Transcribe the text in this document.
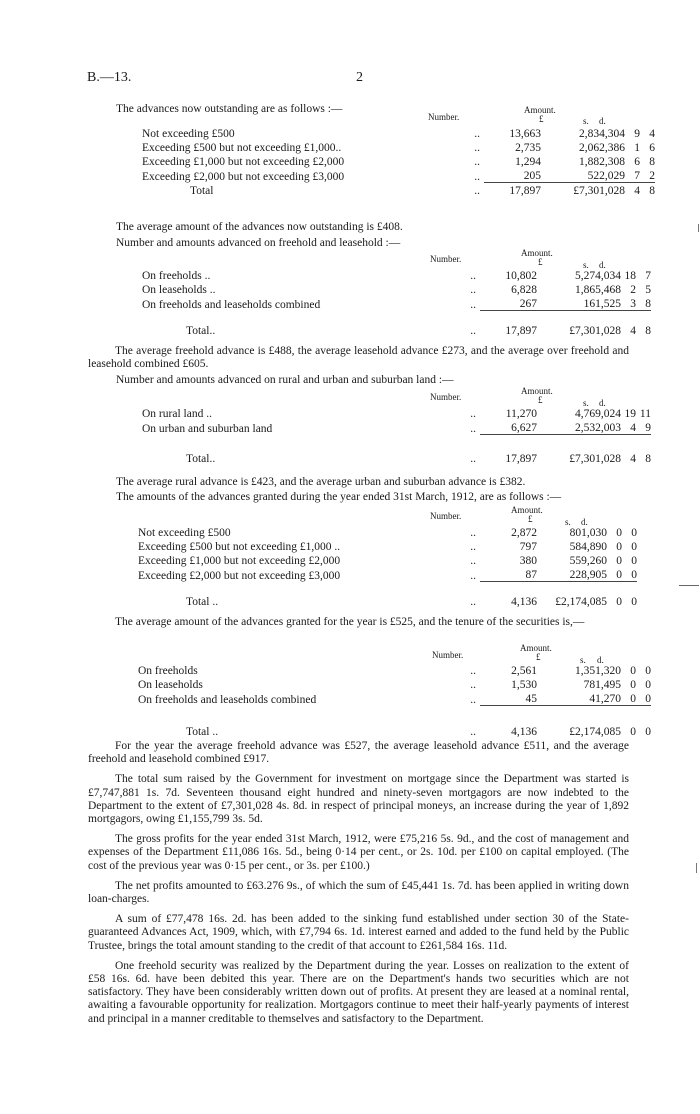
B.—13.	2
The advances now outstanding are as follows :—
Number.
Amount.
£	s. d.
Not exceeding £500	..	13,663	2,834,304	9	4
Exceeding £500 but not exceeding £1,000..	..	2,735	2,062,386	1	6
Exceeding £1,000 but not exceeding £2,000	..	1,294	1,882,308	6	8
Exceeding £2,000 but not exceeding £3,000	..	205	522,029	7	2
Total	..	17,897	£7,301,028	4	8
The average amount of the advances now outstanding is £408.
Number and amounts advanced on freehold and leasehold :—
Number.
Amount.
£	s. d.
On freeholds ..	..	10,802	5,274,034	18	7
On leaseholds ..	..	6,828	1,865,468	2	5
On freeholds and leaseholds combined	..	267	161,525	3	8
Total..	..	17,897	£7,301,028	4	8

The average freehold advance is £488, the average leasehold advance £273, and the average over freehold and leasehold combined £605.

Number and amounts advanced on rural and urban and suburban land :—
Number.
Amount.
£	s. d.
On rural land ..	..	11,270	4,769,024	19	11
On urban and suburban land	..	6,627	2,532,003	4	9
Total..	..	17,897	£7,301,028	4	8
The average rural advance is £423, and the average urban and suburban advance is £382.
The amounts of the advances granted during the year ended 31st March, 1912, are as follows :—
Number.
Amount.
£	s. d.
Not exceeding £500	..	2,872	801,030	0	0
Exceeding £500 but not exceeding £1,000 ..	..	797	584,890	0	0
Exceeding £1,000 but not exceeding £2,000	..	380	559,260	0	0
Exceeding £2,000 but not exceeding £3,000	..	87	228,905	0	0
Total ..	..	4,136	£2,174,085	0	0

The average amount of the advances granted for the year is £525, and the tenure of the securities is,—

Number.
Amount.
£	s. d.
On freeholds	..	2,561	1,351,320	0	0
On leaseholds	..	1,530	781,495	0	0
On freeholds and leaseholds combined	..	45	41,270	0	0
Total ..	..	4,136	£2,174,085	0	0

For the year the average freehold advance was £527, the average leasehold advance £511, and the average freehold and leasehold combined £917.

The total sum raised by the Government for investment on mortgage since the Department was started is £7,747,881 1s. 7d. Seventeen thousand eight hundred and ninety-seven mortgagors are now indebted to the Department to the extent of £7,301,028 4s. 8d. in respect of principal moneys, an increase during the year of 1,892 mortgagors, owing £1,155,799 3s. 5d.

The gross profits for the year ended 31st March, 1912, were £75,216 5s. 9d., and the cost of management and expenses of the Department £11,086 16s. 5d., being 0·14 per cent., or 2s. 10d. per £100 on capital employed. (The cost of the previous year was 0·15 per cent., or 3s. per £100.)

The net profits amounted to £63.276 9s., of which the sum of £45,441 1s. 7d. has been applied in writing down loan-charges.

A sum of £77,478 16s. 2d. has been added to the sinking fund established under section 30 of the State-guaranteed Advances Act, 1909, which, with £7,794 6s. 1d. interest earned and added to the fund held by the Public Trustee, brings the total amount standing to the credit of that account to £261,584 16s. 11d.

One freehold security was realized by the Department during the year. Losses on realization to the extent of £58 16s. 6d. have been debited this year. There are on the Department's hands two securities which are not satisfactory. They have been considerably written down out of profits. At present they are leased at a nominal rental, awaiting a favourable opportunity for realization. Mortgagors continue to meet their half-yearly payments of interest and principal in a manner creditable to themselves and satisfactory to the Department.
